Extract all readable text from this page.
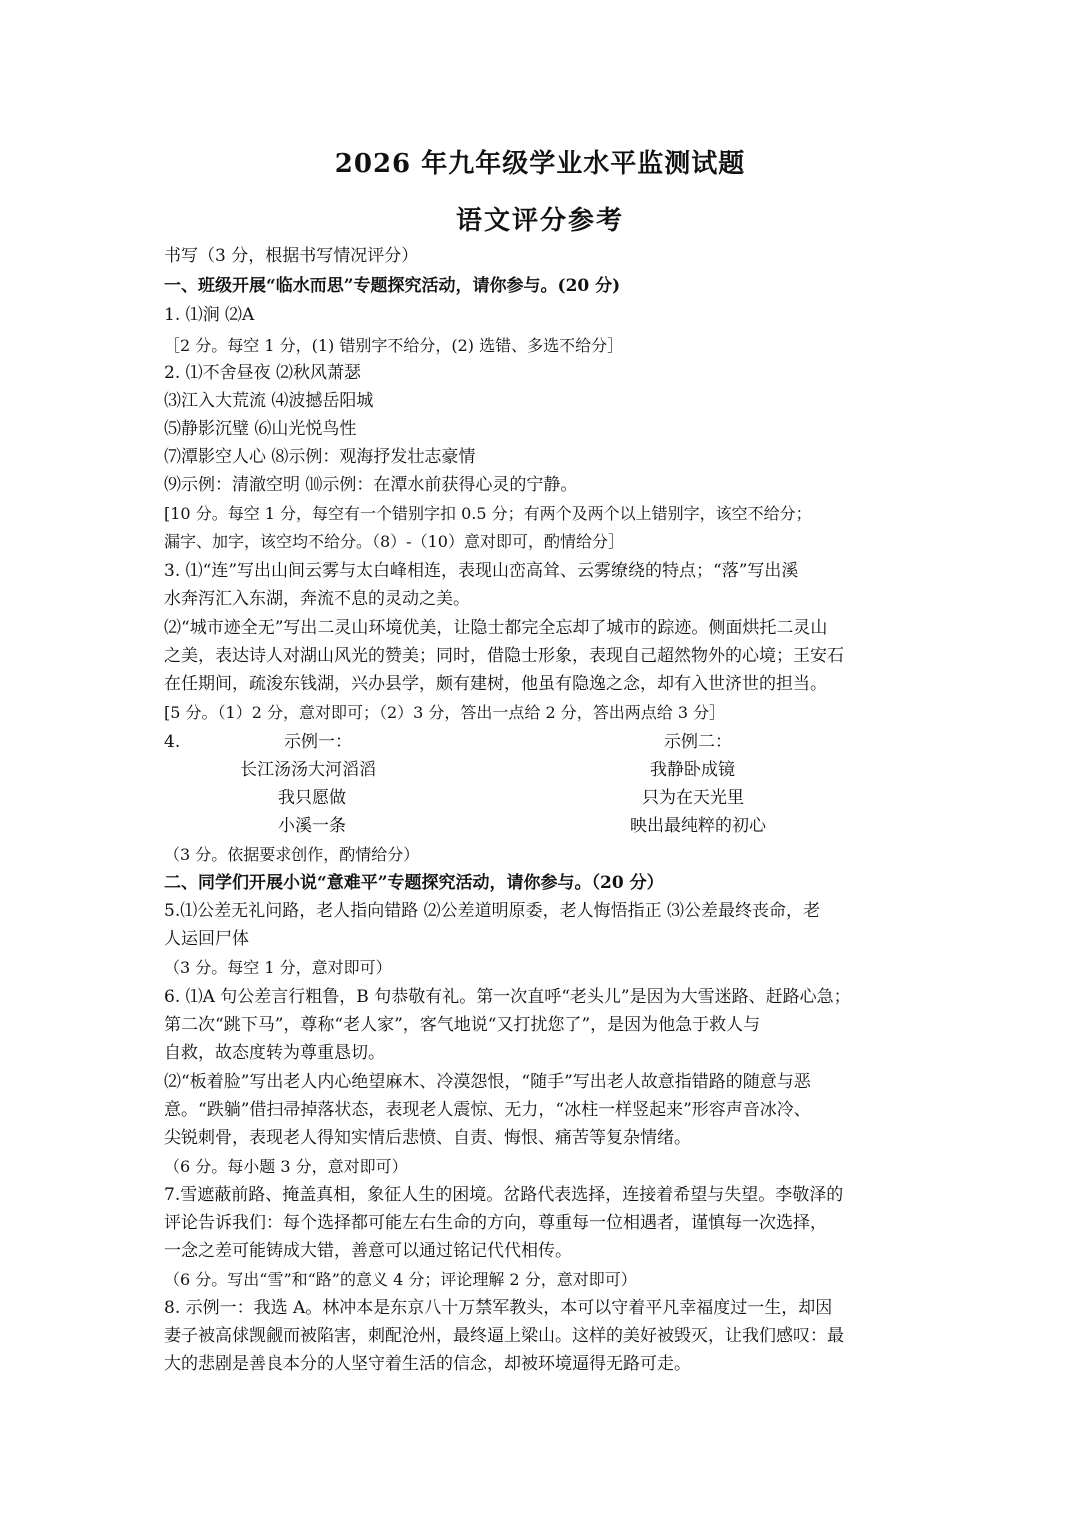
2026 年九年级学业水平监测试题
语文评分参考
书写（3 分，根据书写情况评分）
一、班级开展“临水而思”专题探究活动，请你参与。(20 分)
1. ⑴涧 ⑵A
［2 分。每空 1 分，(1) 错别字不给分，(2) 选错、多选不给分］
2. ⑴不舍昼夜 ⑵秋风萧瑟
⑶江入大荒流 ⑷波撼岳阳城
⑸静影沉璧 ⑹山光悦鸟性
⑺潭影空人心 ⑻示例：观海抒发壮志豪情
⑼示例：清澈空明 ⑽示例：在潭水前获得心灵的宁静。
[10 分。每空 1 分，每空有一个错别字扣 0.5 分；有两个及两个以上错别字，该空不给分；
漏字、加字，该空均不给分。（8）-（10）意对即可，酌情给分］
3. ⑴“连”写出山间云雾与太白峰相连，表现山峦高耸、云雾缭绕的特点；“落”写出溪
水奔泻汇入东湖，奔流不息的灵动之美。
⑵“城市迹全无”写出二灵山环境优美，让隐士都完全忘却了城市的踪迹。侧面烘托二灵山
之美，表达诗人对湖山风光的赞美；同时，借隐士形象，表现自己超然物外的心境；王安石
在任期间，疏浚东钱湖，兴办县学，颇有建树，他虽有隐逸之念，却有入世济世的担当。
[5 分。（1）2 分，意对即可；（2）3 分，答出一点给 2 分，答出两点给 3 分］
4.	示例一：
长江汤汤大河滔滔
我只愿做
小溪一条
示例二：
我静卧成镜
只为在天光里
映出最纯粹的初心
（3 分。依据要求创作，酌情给分）
二、同学们开展小说“意难平”专题探究活动，请你参与。（20 分）
5.⑴公差无礼问路，老人指向错路 ⑵公差道明原委，老人悔悟指正 ⑶公差最终丧命，老
人运回尸体
（3 分。每空 1 分，意对即可）
6. ⑴A 句公差言行粗鲁，B 句恭敬有礼。第一次直呼“老头儿”是因为大雪迷路、赶路心急；
第二次“跳下马”，尊称“老人家”，客气地说“又打扰您了”，是因为他急于救人与
自救，故态度转为尊重恳切。
⑵“板着脸”写出老人内心绝望麻木、冷漠怨恨，“随手”写出老人故意指错路的随意与恶
意。“跌躺”借扫帚掉落状态，表现老人震惊、无力，“冰柱一样竖起来”形容声音冰冷、
尖锐刺骨，表现老人得知实情后悲愤、自责、悔恨、痛苦等复杂情绪。
（6 分。每小题 3 分，意对即可）
7.雪遮蔽前路、掩盖真相，象征人生的困境。岔路代表选择，连接着希望与失望。李敬泽的
评论告诉我们：每个选择都可能左右生命的方向，尊重每一位相遇者，谨慎每一次选择，
一念之差可能铸成大错，善意可以通过铭记代代相传。
（6 分。写出“雪”和“路”的意义 4 分；评论理解 2 分，意对即可）
8. 示例一：我选 A。林冲本是东京八十万禁军教头，本可以守着平凡幸福度过一生，却因
妻子被高俅觊觎而被陷害，刺配沧州，最终逼上梁山。这样的美好被毁灭，让我们感叹：最
大的悲剧是善良本分的人坚守着生活的信念，却被环境逼得无路可走。
